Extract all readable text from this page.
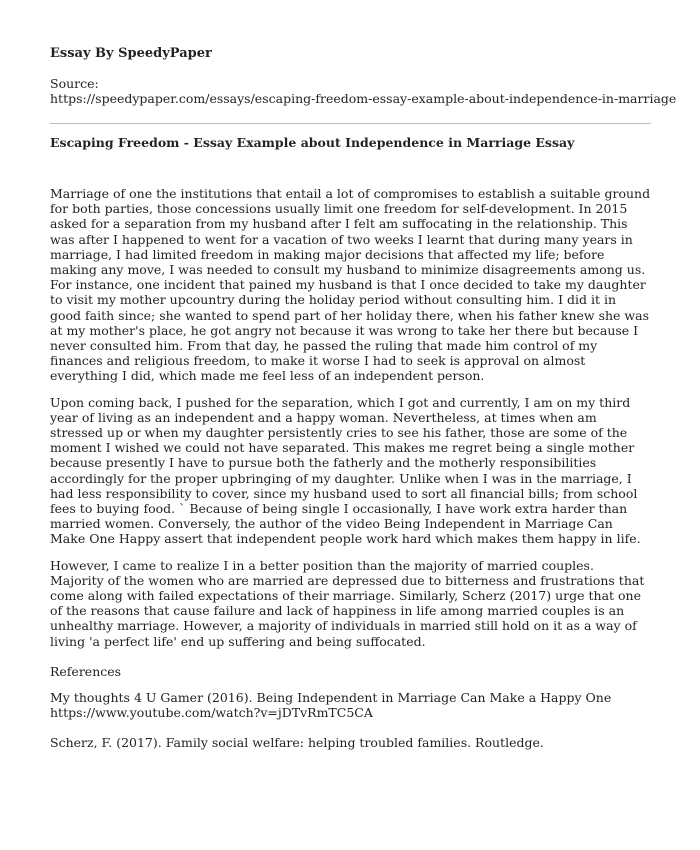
Essay By SpeedyPaper
Source:
https://speedypaper.com/essays/escaping-freedom-essay-example-about-independence-in-marriage
Escaping Freedom - Essay Example about Independence in Marriage Essay

Marriage of one the institutions that entail a lot of compromises to establish a suitable ground for both parties, those concessions usually limit one freedom for self-development. In 2015 asked for a separation from my husband after I felt am suffocating in the relationship. This was after I happened to went for a vacation of two weeks I learnt that during many years in marriage, I had limited freedom in making major decisions that affected my life; before making any move, I was needed to consult my husband to minimize disagreements among us. For instance, one incident that pained my husband is that I once decided to take my daughter to visit my mother upcountry during the holiday period without consulting him. I did it in good faith since; she wanted to spend part of her holiday there, when his father knew she was at my mother's place, he got angry not because it was wrong to take her there but because I never consulted him. From that day, he passed the ruling that made him control of my finances and religious freedom, to make it worse I had to seek is approval on almost everything I did, which made me feel less of an independent person.

Upon coming back, I pushed for the separation, which I got and currently, I am on my third year of living as an independent and a happy woman. Nevertheless, at times when am stressed up or when my daughter persistently cries to see his father, those are some of the moment I wished we could not have separated. This makes me regret being a single mother because presently I have to pursue both the fatherly and the motherly responsibilities accordingly for the proper upbringing of my daughter. Unlike when I was in the marriage, I had less responsibility to cover, since my husband used to sort all financial bills; from school fees to buying food. ` Because of being single I occasionally, I have work extra harder than married women. Conversely, the author of the video Being Independent in Marriage Can Make One Happy assert that independent people work hard which makes them happy in life.

However, I came to realize I in a better position than the majority of married couples. Majority of the women who are married are depressed due to bitterness and frustrations that come along with failed expectations of their marriage. Similarly, Scherz (2017) urge that one of the reasons that cause failure and lack of happiness in life among married couples is an unhealthy marriage. However, a majority of individuals in married still hold on it as a way of living 'a perfect life' end up suffering and being suffocated.

References
My thoughts 4 U Gamer (2016). Being Independent in Marriage Can Make a Happy One
https://www.youtube.com/watch?v=jDTvRmTC5CA
Scherz, F. (2017). Family social welfare: helping troubled families. Routledge.
